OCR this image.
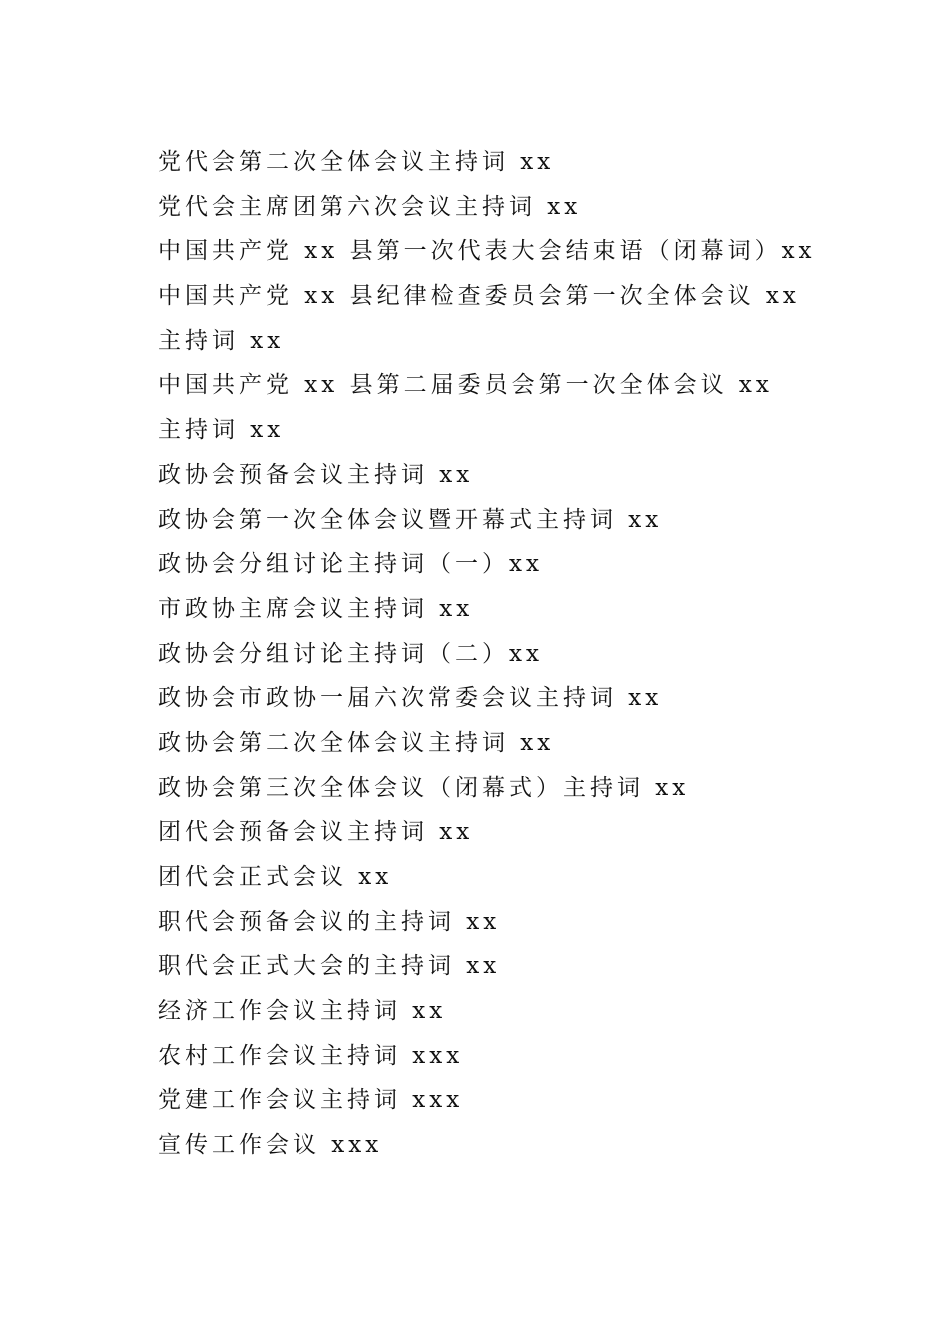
党代会第二次全体会议主持词 xx
党代会主席团第六次会议主持词 xx
中国共产党 xx 县第一次代表大会结束语（闭幕词）xx
中国共产党 xx 县纪律检查委员会第一次全体会议 xx
主持词 xx
中国共产党 xx 县第二届委员会第一次全体会议 xx
主持词 xx
政协会预备会议主持词 xx
政协会第一次全体会议暨开幕式主持词 xx
政协会分组讨论主持词（一）xx
市政协主席会议主持词 xx
政协会分组讨论主持词（二）xx
政协会市政协一届六次常委会议主持词 xx
政协会第二次全体会议主持词 xx
政协会第三次全体会议（闭幕式）主持词 xx
团代会预备会议主持词 xx
团代会正式会议 xx
职代会预备会议的主持词 xx
职代会正式大会的主持词 xx
经济工作会议主持词 xx
农村工作会议主持词 xxx
党建工作会议主持词 xxx
宣传工作会议 xxx
